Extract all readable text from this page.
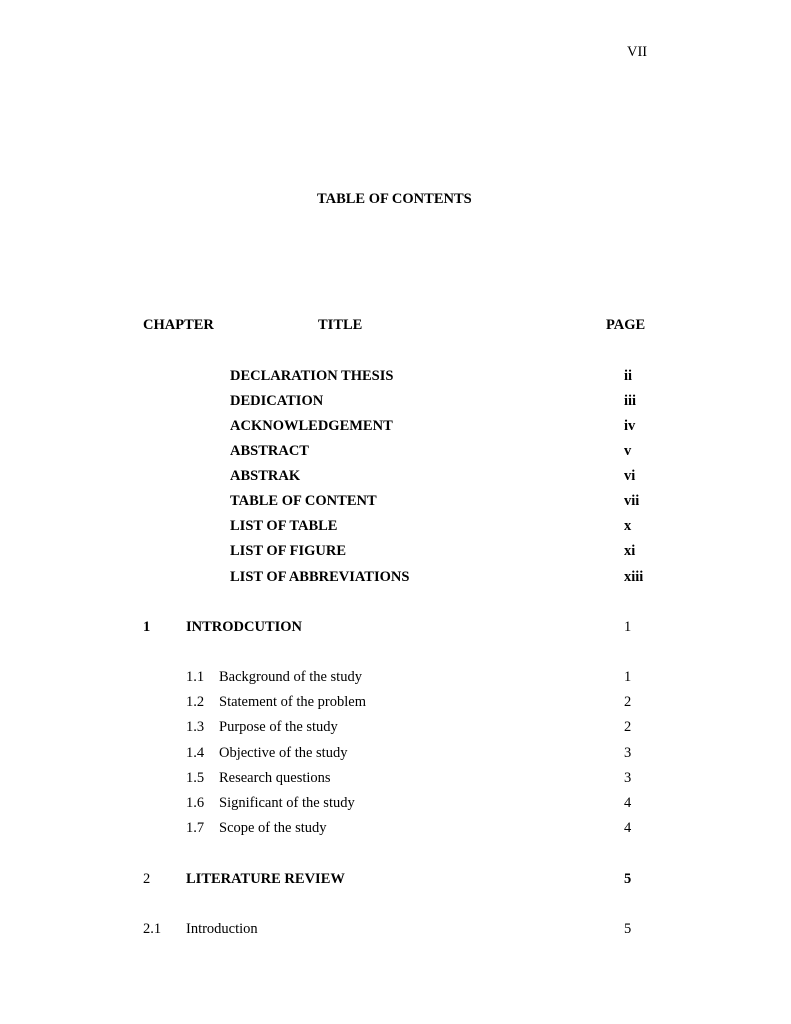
VII
TABLE OF CONTENTS
CHAPTER	TITLE	PAGE
DECLARATION THESIS	ii
DEDICATION	iii
ACKNOWLEDGEMENT	iv
ABSTRACT	v
ABSTRAK	vi
TABLE OF CONTENT	vii
LIST OF TABLE	x
LIST OF FIGURE	xi
LIST OF ABBREVIATIONS	xiii
1 INTRODCUTION	1
1.1 Background of the study	1
1.2 Statement of the problem	2
1.3 Purpose of the study	2
1.4 Objective of the study	3
1.5 Research questions	3
1.6 Significant of the study	4
1.7 Scope of the study	4
2 LITERATURE REVIEW	5
2.1 Introduction	5
